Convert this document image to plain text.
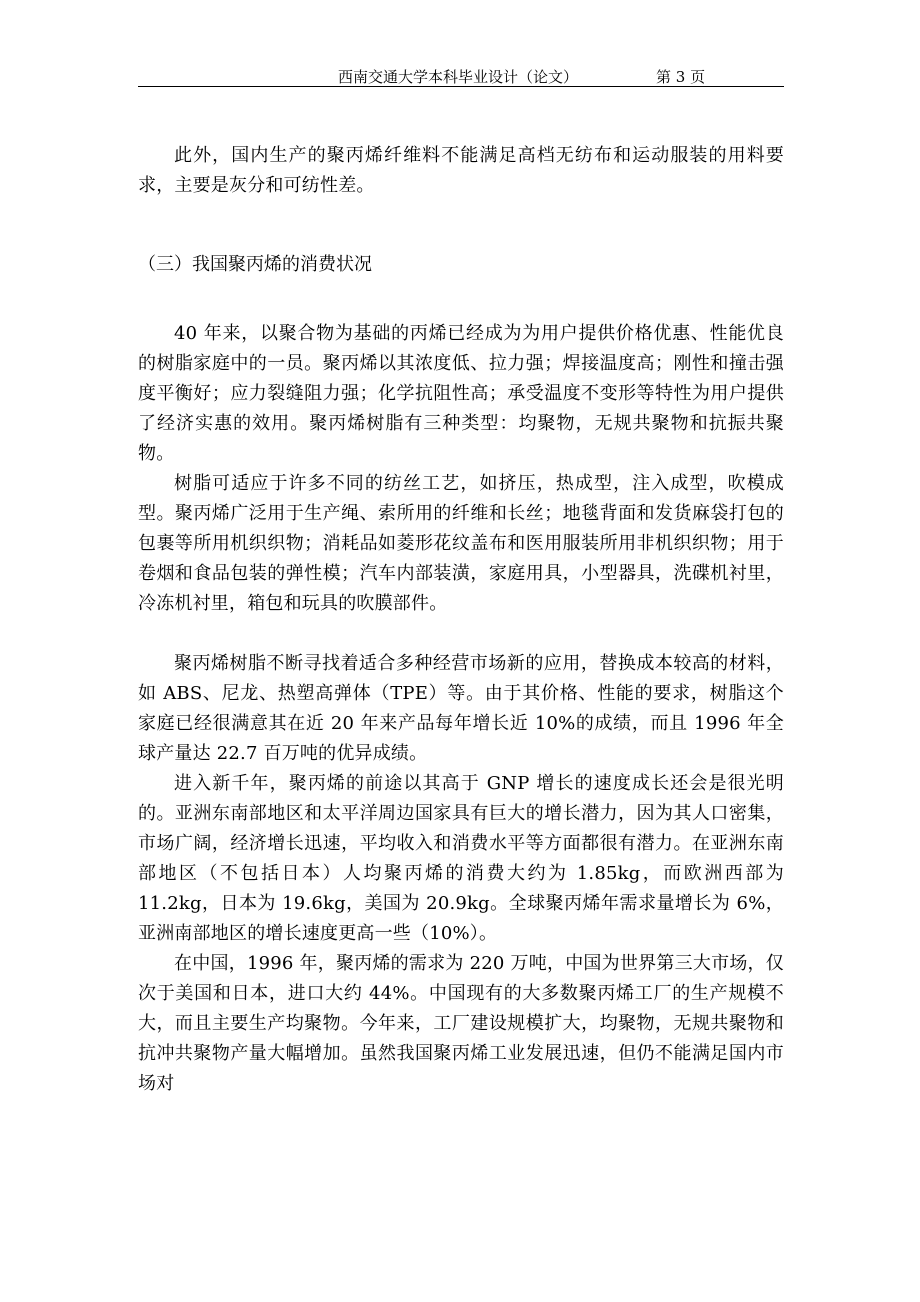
西南交通大学本科毕业设计（论文）	第 3 页

此外，国内生产的聚丙烯纤维料不能满足高档无纺布和运动服装的用料要求，主要是灰分和可纺性差。

（三）我国聚丙烯的消费状况

40 年来，以聚合物为基础的丙烯已经成为为用户提供价格优惠、性能优良的树脂家庭中的一员。聚丙烯以其浓度低、拉力强；焊接温度高；刚性和撞击强度平衡好；应力裂缝阻力强；化学抗阻性高；承受温度不变形等特性为用户提供了经济实惠的效用。聚丙烯树脂有三种类型：均聚物，无规共聚物和抗振共聚物。

树脂可适应于许多不同的纺丝工艺，如挤压，热成型，注入成型，吹模成型。聚丙烯广泛用于生产绳、索所用的纤维和长丝；地毯背面和发货麻袋打包的包裹等所用机织织物；消耗品如菱形花纹盖布和医用服装所用非机织织物；用于卷烟和食品包装的弹性模；汽车内部装潢，家庭用具，小型器具，洗碟机衬里，冷冻机衬里，箱包和玩具的吹膜部件。

聚丙烯树脂不断寻找着适合多种经营市场新的应用，替换成本较高的材料，如 ABS、尼龙、热塑高弹体（TPE）等。由于其价格、性能的要求，树脂这个家庭已经很满意其在近 20 年来产品每年增长近 10%的成绩，而且 1996 年全球产量达 22.7 百万吨的优异成绩。

进入新千年，聚丙烯的前途以其高于 GNP 增长的速度成长还会是很光明的。亚洲东南部地区和太平洋周边国家具有巨大的增长潜力，因为其人口密集，市场广阔，经济增长迅速，平均收入和消费水平等方面都很有潜力。在亚洲东南部地区（不包括日本）人均聚丙烯的消费大约为 1.85kg，而欧洲西部为 11.2kg，日本为 19.6kg，美国为 20.9kg。全球聚丙烯年需求量增长为 6%，亚洲南部地区的增长速度更高一些（10%）。

在中国，1996 年，聚丙烯的需求为 220 万吨，中国为世界第三大市场，仅次于美国和日本，进口大约 44%。中国现有的大多数聚丙烯工厂的生产规模不大，而且主要生产均聚物。今年来，工厂建设规模扩大，均聚物，无规共聚物和抗冲共聚物产量大幅增加。虽然我国聚丙烯工业发展迅速，但仍不能满足国内市场对
